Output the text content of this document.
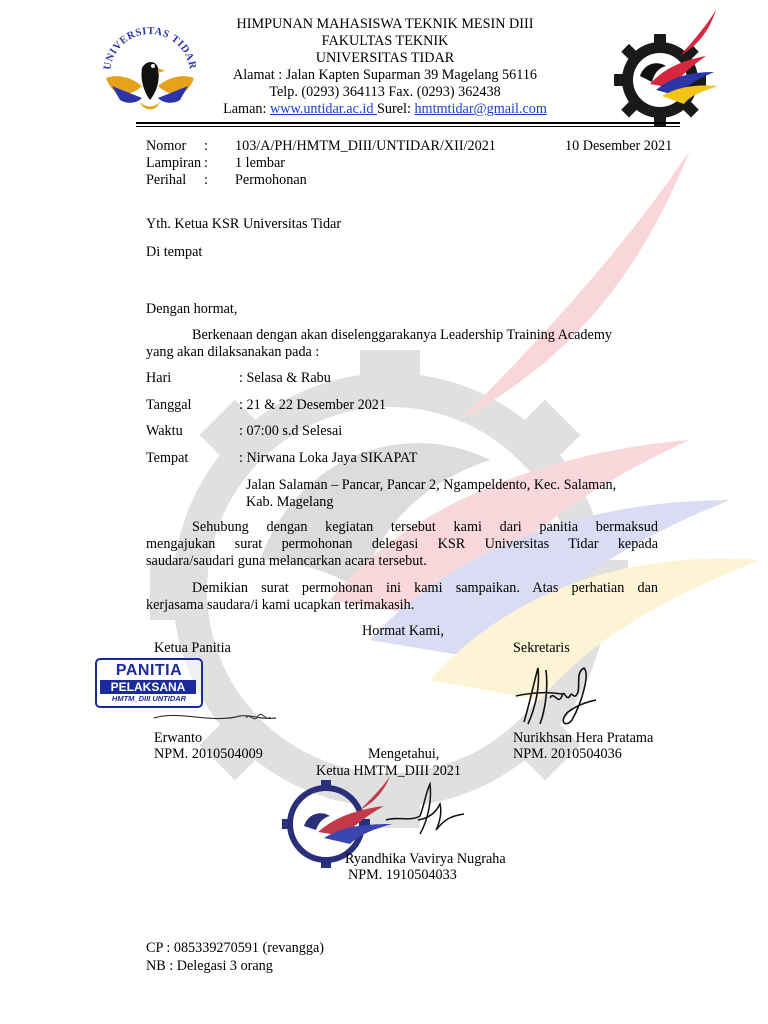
UNIVERSITAS TIDAR
HIMPUNAN MAHASISWA TEKNIK MESIN DIII
FAKULTAS TEKNIK
UNIVERSITAS TIDAR
Alamat : Jalan Kapten Suparman 39 Magelang 56116
Telp. (0293) 364113 Fax. (0293) 362438
Laman: www.untidar.ac.id Surel: hmtmtidar@gmail.com
Nomor : 103/A/PH/HMTM_DIII/UNTIDAR/XII/2021	10 Desember 2021
Lampiran : 1 lembar
Perihal : Permohonan
Yth. Ketua KSR Universitas Tidar
Di tempat
Dengan hormat,
Berkenaan dengan akan diselenggarakanya Leadership Training Academy
yang akan dilaksanakan pada :
Hari	: Selasa & Rabu
Tanggal	: 21 & 22 Desember 2021
Waktu	: 07:00 s.d Selesai
Tempat	: Nirwana Loka Jaya SIKAPAT
Jalan Salaman – Pancar, Pancar 2, Ngampeldento, Kec. Salaman,
Kab. Magelang
Sehubung dengan kegiatan tersebut kami dari panitia bermaksud
mengajukan surat permohonan delegasi KSR Universitas Tidar kepada
saudara/saudari guna melancarkan acara tersebut.
Demikian surat permohonan ini kami sampaikan. Atas perhatian dan
kerjasama saudara/i kami ucapkan terimakasih.
Hormat Kami,
Ketua Panitia	Sekretaris
PANITIA
PELAKSANA
HMTM_DIII UNTIDAR
Erwanto
NPM. 2010504009
Nurikhsan Hera Pratama
NPM. 2010504036
Mengetahui,
Ketua HMTM_DIII 2021
Ryandhika Vavirya Nugraha
NPM. 1910504033
CP : 085339270591 (revangga)
NB : Delegasi 3 orang
